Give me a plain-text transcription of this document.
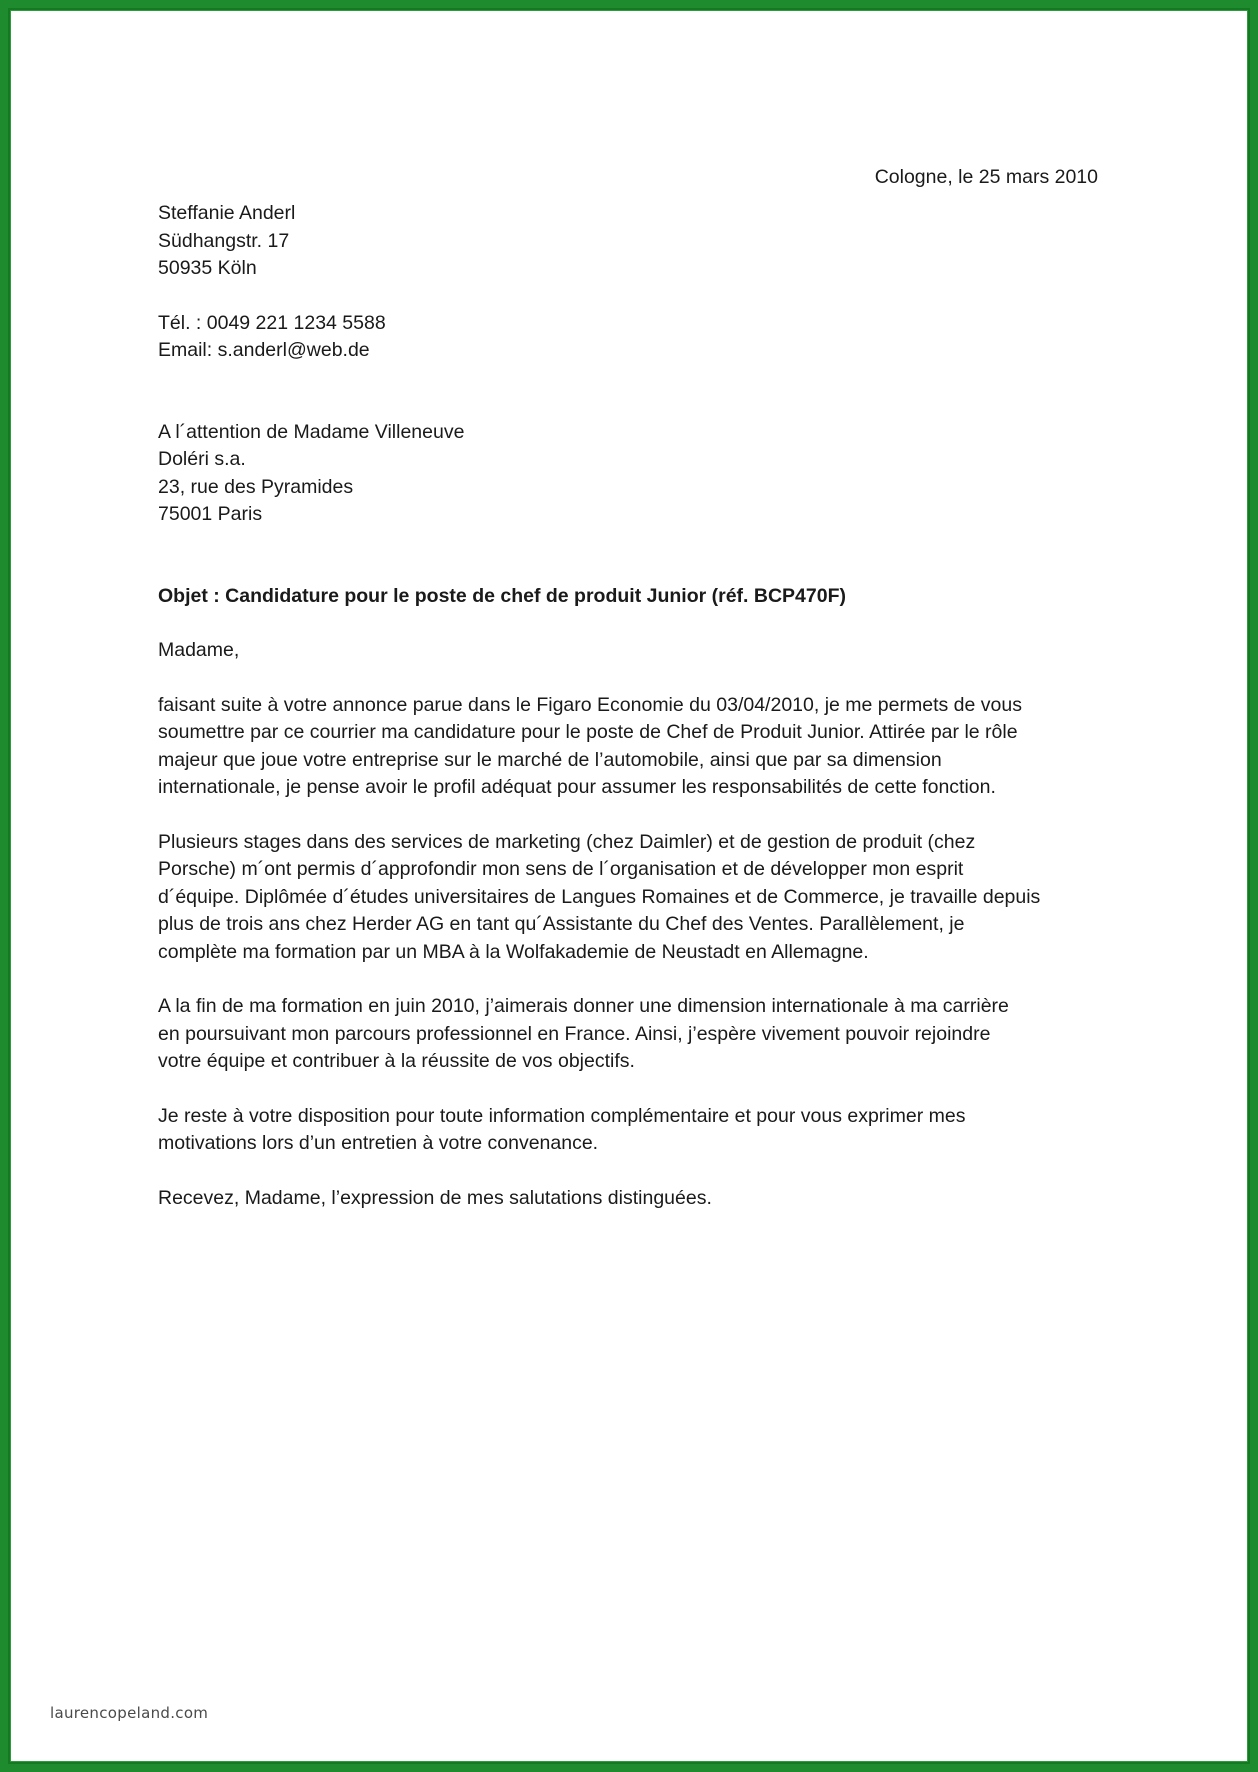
Cologne, le 25 mars 2010

Steffanie Anderl

Südhangstr. 17

50935 Köln

Tél. : 0049 221 1234 5588

Email: s.anderl@web.de

A l´attention de Madame Villeneuve

Doléri s.a.

23, rue des Pyramides

75001 Paris

Objet : Candidature pour le poste de chef de produit Junior (réf. BCP470F)
Madame,

faisant suite à votre annonce parue dans le Figaro Economie du 03/04/2010, je me permets de vous

soumettre par ce courrier ma candidature pour le poste de Chef de Produit Junior. Attirée par le rôle

majeur que joue votre entreprise sur le marché de l’automobile, ainsi que par sa dimension

internationale, je pense avoir le profil adéquat pour assumer les responsabilités de cette fonction.

Plusieurs stages dans des services de marketing (chez Daimler) et de gestion de produit (chez

Porsche) m´ont permis d´approfondir mon sens de l´organisation et de développer mon esprit

d´équipe. Diplômée d´études universitaires de Langues Romaines et de Commerce, je travaille depuis

plus de trois ans chez Herder AG en tant qu´Assistante du Chef des Ventes. Parallèlement, je

complète ma formation par un MBA à la Wolfakademie de Neustadt en Allemagne.

A la fin de ma formation en juin 2010, j’aimerais donner une dimension internationale à ma carrière

en poursuivant mon parcours professionnel en France. Ainsi, j’espère vivement pouvoir rejoindre

votre équipe et contribuer à la réussite de vos objectifs.

Je reste à votre disposition pour toute information complémentaire et pour vous exprimer mes

motivations lors d’un entretien à votre convenance.

Recevez, Madame, l’expression de mes salutations distinguées.

laurencopeland.com
